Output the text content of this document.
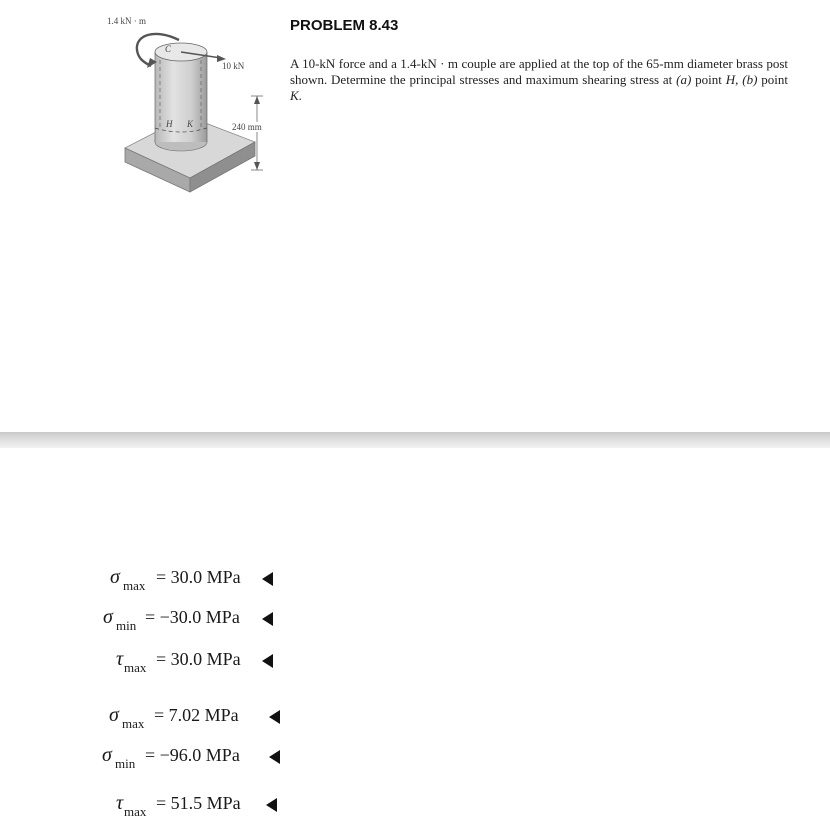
1.4 kN · m
C
10 kN
H K	240 mm
PROBLEM 8.43
A 10-kN force and a 1.4-kN · m couple are applied at the top of the 65-mm diameter brass post shown. Determine the principal stresses and maximum shearing stress at (a) point H, (b) point K.
σ max = 30.0 MPa
σ min = −30.0 MPa
τ max = 30.0 MPa
σ max = 7.02 MPa
σ min = −96.0 MPa
τ max = 51.5 MPa
